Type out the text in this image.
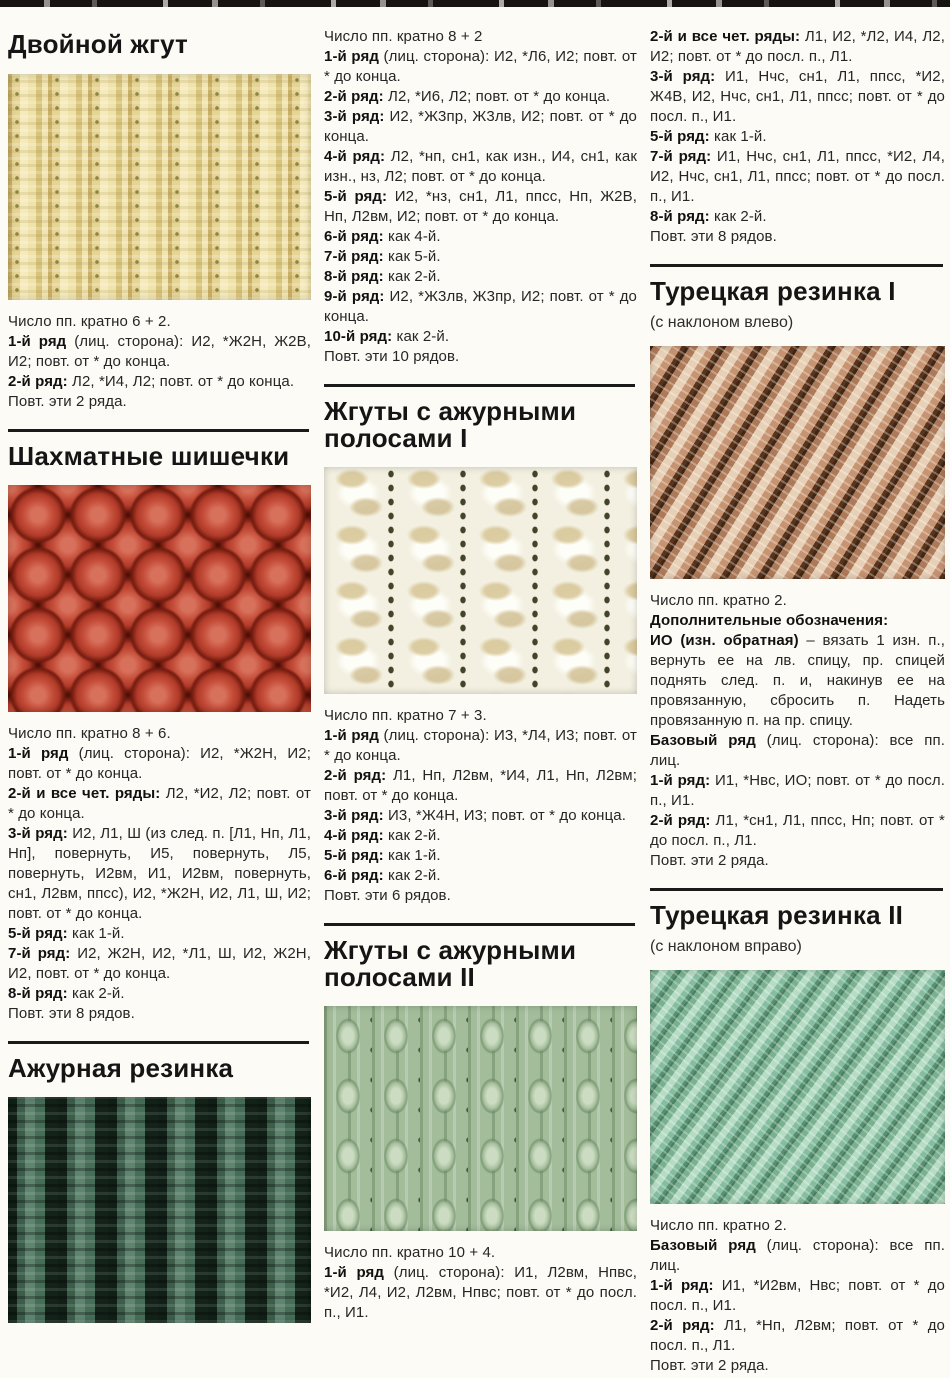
Двойной жгут

Число пп. кратно 6 + 2.

1-й ряд (лиц. сторона): И2, *Ж2Н, Ж2В, И2; повт. от * до конца.

2-й ряд: Л2, *И4, Л2; повт. от * до конца.

Повт. эти 2 ряда.

Шахматные шишечки

Число пп. кратно 8 + 6.

1-й ряд (лиц. сторона): И2, *Ж2Н, И2; повт. от * до конца.

2-й и все чет. ряды: Л2, *И2, Л2; повт. от * до конца.

3-й ряд: И2, Л1, Ш (из след. п. [Л1, Нп, Л1, Нп], повернуть, И5, повернуть, Л5, повернуть, И2вм, И1, И2вм, повернуть, сн1, Л2вм, ппсс), И2, *Ж2Н, И2, Л1, Ш, И2; повт. от * до конца.

5-й ряд: как 1-й.

7-й ряд: И2, Ж2Н, И2, *Л1, Ш, И2, Ж2Н, И2, повт. от * до конца.

8-й ряд: как 2-й.

Повт. эти 8 рядов.

Ажурная резинка

Число пп. кратно 8 + 2

1-й ряд (лиц. сторона): И2, *Л6, И2; повт. от * до конца.

2-й ряд: Л2, *И6, Л2; повт. от * до конца.

3-й ряд: И2, *Ж3пр, Ж3лв, И2; повт. от * до конца.

4-й ряд: Л2, *нп, сн1, как изн., И4, сн1, как изн., нз, Л2; повт. от * до конца.

5-й ряд: И2, *нз, сн1, Л1, ппсс, Нп, Ж2В, Нп, Л2вм, И2; повт. от * до конца.

6-й ряд: как 4-й.

7-й ряд: как 5-й.

8-й ряд: как 2-й.

9-й ряд: И2, *Ж3лв, Ж3пр, И2; повт. от * до конца.

10-й ряд: как 2-й.

Повт. эти 10 рядов.

Жгуты с ажурными полосами I

Число пп. кратно 7 + 3.

1-й ряд (лиц. сторона): И3, *Л4, И3; повт. от * до конца.

2-й ряд: Л1, Нп, Л2вм, *И4, Л1, Нп, Л2вм; повт. от * до конца.

3-й ряд: И3, *Ж4Н, И3; повт. от * до конца.

4-й ряд: как 2-й.

5-й ряд: как 1-й.

6-й ряд: как 2-й.

Повт. эти 6 рядов.

Жгуты с ажурными полосами II

Число пп. кратно 10 + 4.

1-й ряд (лиц. сторона): И1, Л2вм, Нпвс, *И2, Л4, И2, Л2вм, Нпвс; повт. от * до посл. п., И1.

2-й и все чет. ряды: Л1, И2, *Л2, И4, Л2, И2; повт. от * до посл. п., Л1.

3-й ряд: И1, Нчс, сн1, Л1, ппсс, *И2, Ж4В, И2, Нчс, сн1, Л1, ппсс; повт. от * до посл. п., И1.

5-й ряд: как 1-й.

7-й ряд: И1, Нчс, сн1, Л1, ппсс, *И2, Л4, И2, Нчс, сн1, Л1, ппсс; повт. от * до посл. п., И1.

8-й ряд: как 2-й.

Повт. эти 8 рядов.

Турецкая резинка I

(с наклоном влево)

Число пп. кратно 2.

Дополнительные обозначения:

ИО (изн. обратная) – вязать 1 изн. п., вернуть ее на лв. спицу, пр. спицей поднять след. п. и, накинув ее на провязанную, сбросить п. Надеть провязанную п. на пр. спицу.

Базовый ряд (лиц. сторона): все пп. лиц.

1-й ряд: И1, *Нвс, ИО; повт. от * до посл. п., И1.

2-й ряд: Л1, *сн1, Л1, ппсс, Нп; повт. от * до посл. п., Л1.

Повт. эти 2 ряда.

Турецкая резинка II

(с наклоном вправо)

Число пп. кратно 2.

Базовый ряд (лиц. сторона): все пп. лиц.

1-й ряд: И1, *И2вм, Нвс; повт. от * до посл. п., И1.

2-й ряд: Л1, *Нп, Л2вм; повт. от * до посл. п., Л1.

Повт. эти 2 ряда.
